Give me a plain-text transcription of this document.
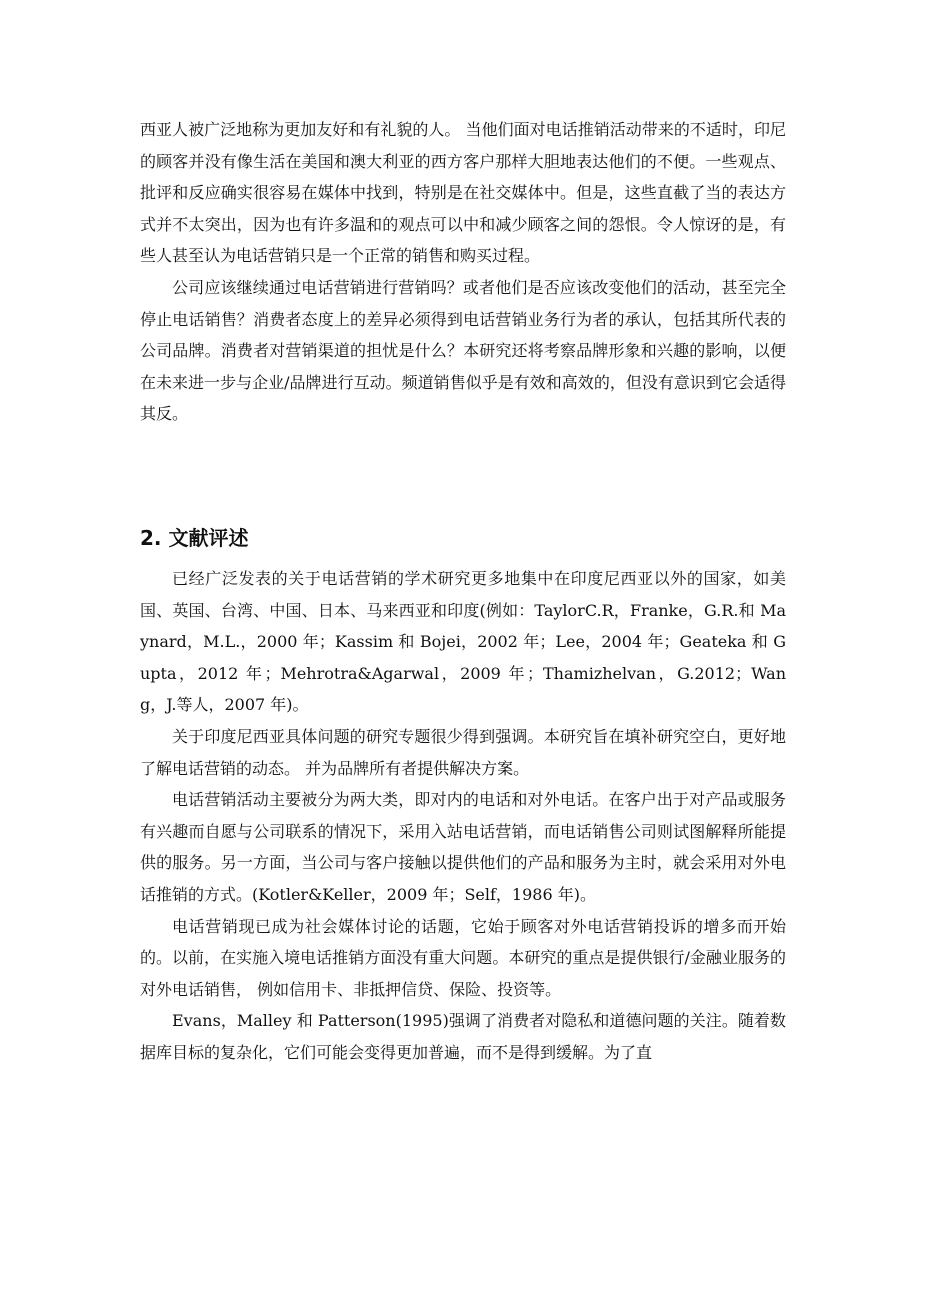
西亚人被广泛地称为更加友好和有礼貌的人。 当他们面对电话推销活动带来的不适时，印尼的顾客并没有像生活在美国和澳大利亚的西方客户那样大胆地表达他们的不便。一些观点、批评和反应确实很容易在媒体中找到，特别是在社交媒体中。但是，这些直截了当的表达方式并不太突出，因为也有许多温和的观点可以中和减少顾客之间的怨恨。令人惊讶的是，有些人甚至认为电话营销只是一个正常的销售和购买过程。

公司应该继续通过电话营销进行营销吗？或者他们是否应该改变他们的活动，甚至完全停止电话销售？消费者态度上的差异必须得到电话营销业务行为者的承认，包括其所代表的公司品牌。消费者对营销渠道的担忧是什么？本研究还将考察品牌形象和兴趣的影响，以便在未来进一步与企业/品牌进行互动。频道销售似乎是有效和高效的，但没有意识到它会适得其反。

2. 文献评述

已经广泛发表的关于电话营销的学术研究更多地集中在印度尼西亚以外的国家，如美国、英国、台湾、中国、日本、马来西亚和印度(例如：TaylorC.R，Franke，G.R.和 Maynard，M.L.，2000 年；Kassim 和 Bojei，2002 年；Lee，2004 年；Geateka 和 Gupta，2012 年；Mehrotra&Agarwal，2009 年；Thamizhelvan，G.2012；Wang，J.等人，2007 年)。

关于印度尼西亚具体问题的研究专题很少得到强调。本研究旨在填补研究空白，更好地了解电话营销的动态。 并为品牌所有者提供解决方案。

电话营销活动主要被分为两大类，即对内的电话和对外电话。在客户出于对产品或服务有兴趣而自愿与公司联系的情况下，采用入站电话营销，而电话销售公司则试图解释所能提供的服务。另一方面，当公司与客户接触以提供他们的产品和服务为主时，就会采用对外电话推销的方式。(Kotler&Keller，2009 年；Self，1986 年)。

电话营销现已成为社会媒体讨论的话题，它始于顾客对外电话营销投诉的增多而开始的。以前，在实施入境电话推销方面没有重大问题。本研究的重点是提供银行/金融业服务的对外电话销售， 例如信用卡、非抵押信贷、保险、投资等。

Evans，Malley 和 Patterson(1995)强调了消费者对隐私和道德问题的关注。随着数据库目标的复杂化，它们可能会变得更加普遍，而不是得到缓解。为了直
